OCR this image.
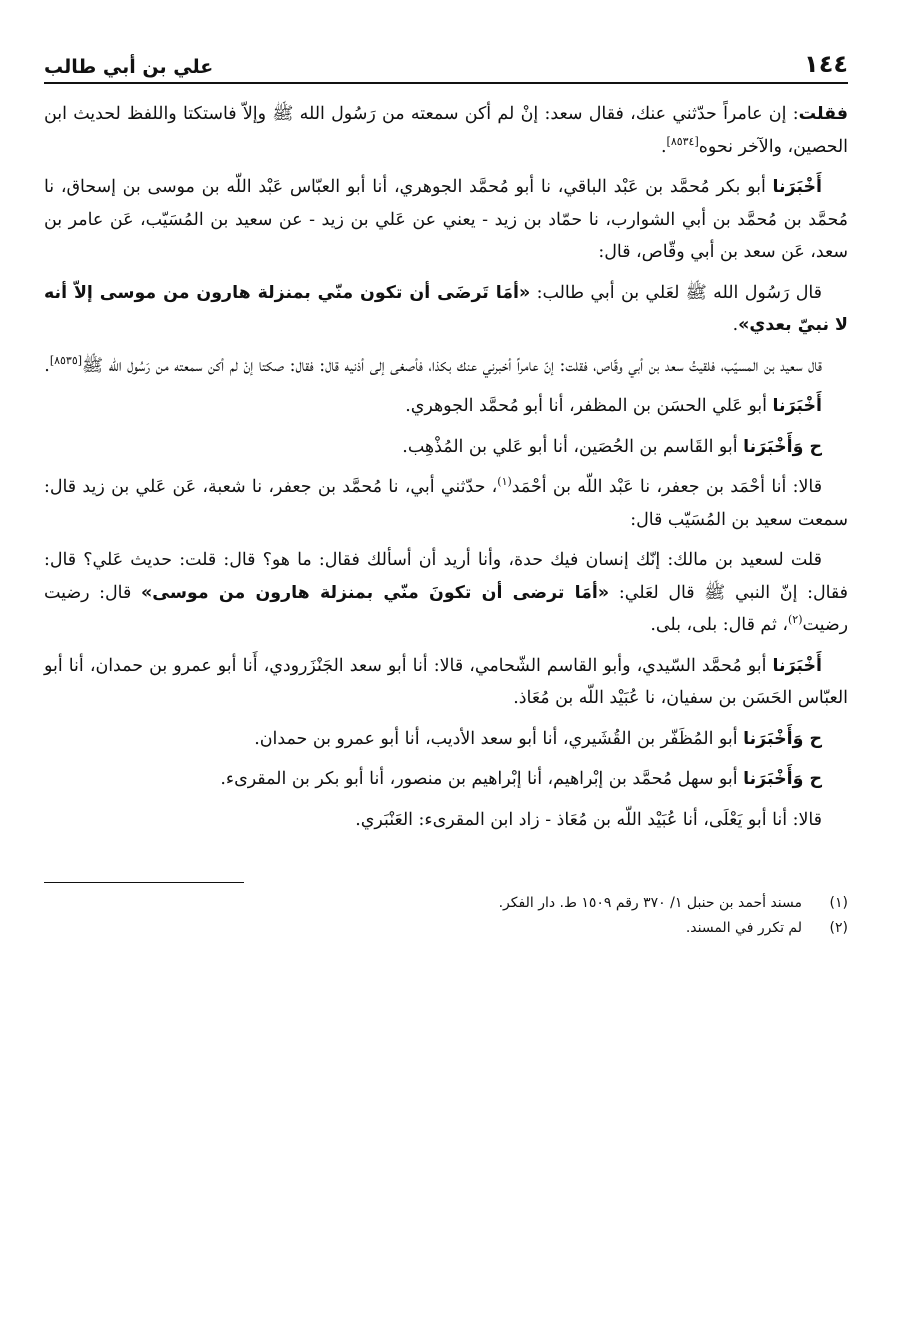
١٤٤
علي بن أبي طالب

فقلت: إن عامراً حدّثني عنك، فقال سعد: إنْ لم أكن سمعته من رَسُول الله ﷺ وإلاّ فاستكتا واللفظ لحديث ابن الحصين، والآخر نحوه[٨٥٣٤].

أَخْبَرَنا أبو بكر مُحمَّد بن عَبْد الباقي، نا أبو مُحمَّد الجوهري، أنا أبو العبّاس عَبْد اللّه بن موسى بن إسحاق، نا مُحمَّد بن مُحمَّد بن أبي الشوارب، نا حمّاد بن زيد - يعني عن عَلي بن زيد - عن سعيد بن المُسَيّب، عَن عامر بن سعد، عَن سعد بن أبي وقّاص، قال:

قال رَسُول الله ﷺ لعَلي بن أبي طالب: «أمَا تَرضَى أن تكون منّي بمنزلة هارون من موسى إلاّ أنه لا نبيّ بعدي».

قال سعيد بن المسيّب، فلقيتُ سعد بن أبي وقّاص، فقلت: إنّ عامراً أخبرني عنك بكذا، فأصغى إلى أذنيه قال: فقال: صكتا إنْ لم أكن سمعته من رَسُول الله ﷺ[٨٥٣٥].

أَخْبَرَنا أبو عَلي الحسَن بن المظفر، أنا أبو مُحمَّد الجوهري.

ح وَأَخْبَرَنا أبو القَاسم بن الحُصَين، أنا أبو عَلي بن المُذْهِب.

قالا: أنا أحْمَد بن جعفر، نا عَبْد اللّه بن أحْمَد$^{(١)}$، حدّثني أبي، نا مُحمَّد بن جعفر، نا شعبة، عَن عَلي بن زيد قال: سمعت سعيد بن المُسَيّب قال:

قلت لسعيد بن مالك: إنّك إنسان فيك حدة، وأنا أريد أن أسألك فقال: ما هو؟ قال: قلت: حديث عَلي؟ قال: فقال: إنّ النبي ﷺ قال لعَلي: «أمَا ترضى أن تكونَ منّي بمنزلة هارون من موسى» قال: رضيت رضيت$^{(٢)}$، ثم قال: بلى، بلى.

أَخْبَرَنا أبو مُحمَّد السّيدي، وأبو القاسم الشّحامي، قالا: أنا أبو سعد الجَنْزَرودي، أَنا أبو عمرو بن حمدان، أنا أبو العبّاس الحَسَن بن سفيان، نا عُبَيْد اللّه بن مُعَاذ.

ح وَأَخْبَرَنا أبو المُظَفّر بن القُشَيري، أنا أبو سعد الأديب، أنا أبو عمرو بن حمدان.

ح وَأَخْبَرَنا أبو سهل مُحمَّد بن إبْراهيم، أنا إبْراهيم بن منصور، أنا أبو بكر بن المقرىء.

قالا: أنا أبو يَعْلَى، أنا عُبَيْد اللّه بن مُعَاذ - زاد ابن المقرىء: العَنْبَري.

(١)
مسند أحمد بن حنبل ١/ ٣٧٠ رقم ١٥٠٩ ط. دار الفكر.
(٢)
لم تكرر في المسند.
